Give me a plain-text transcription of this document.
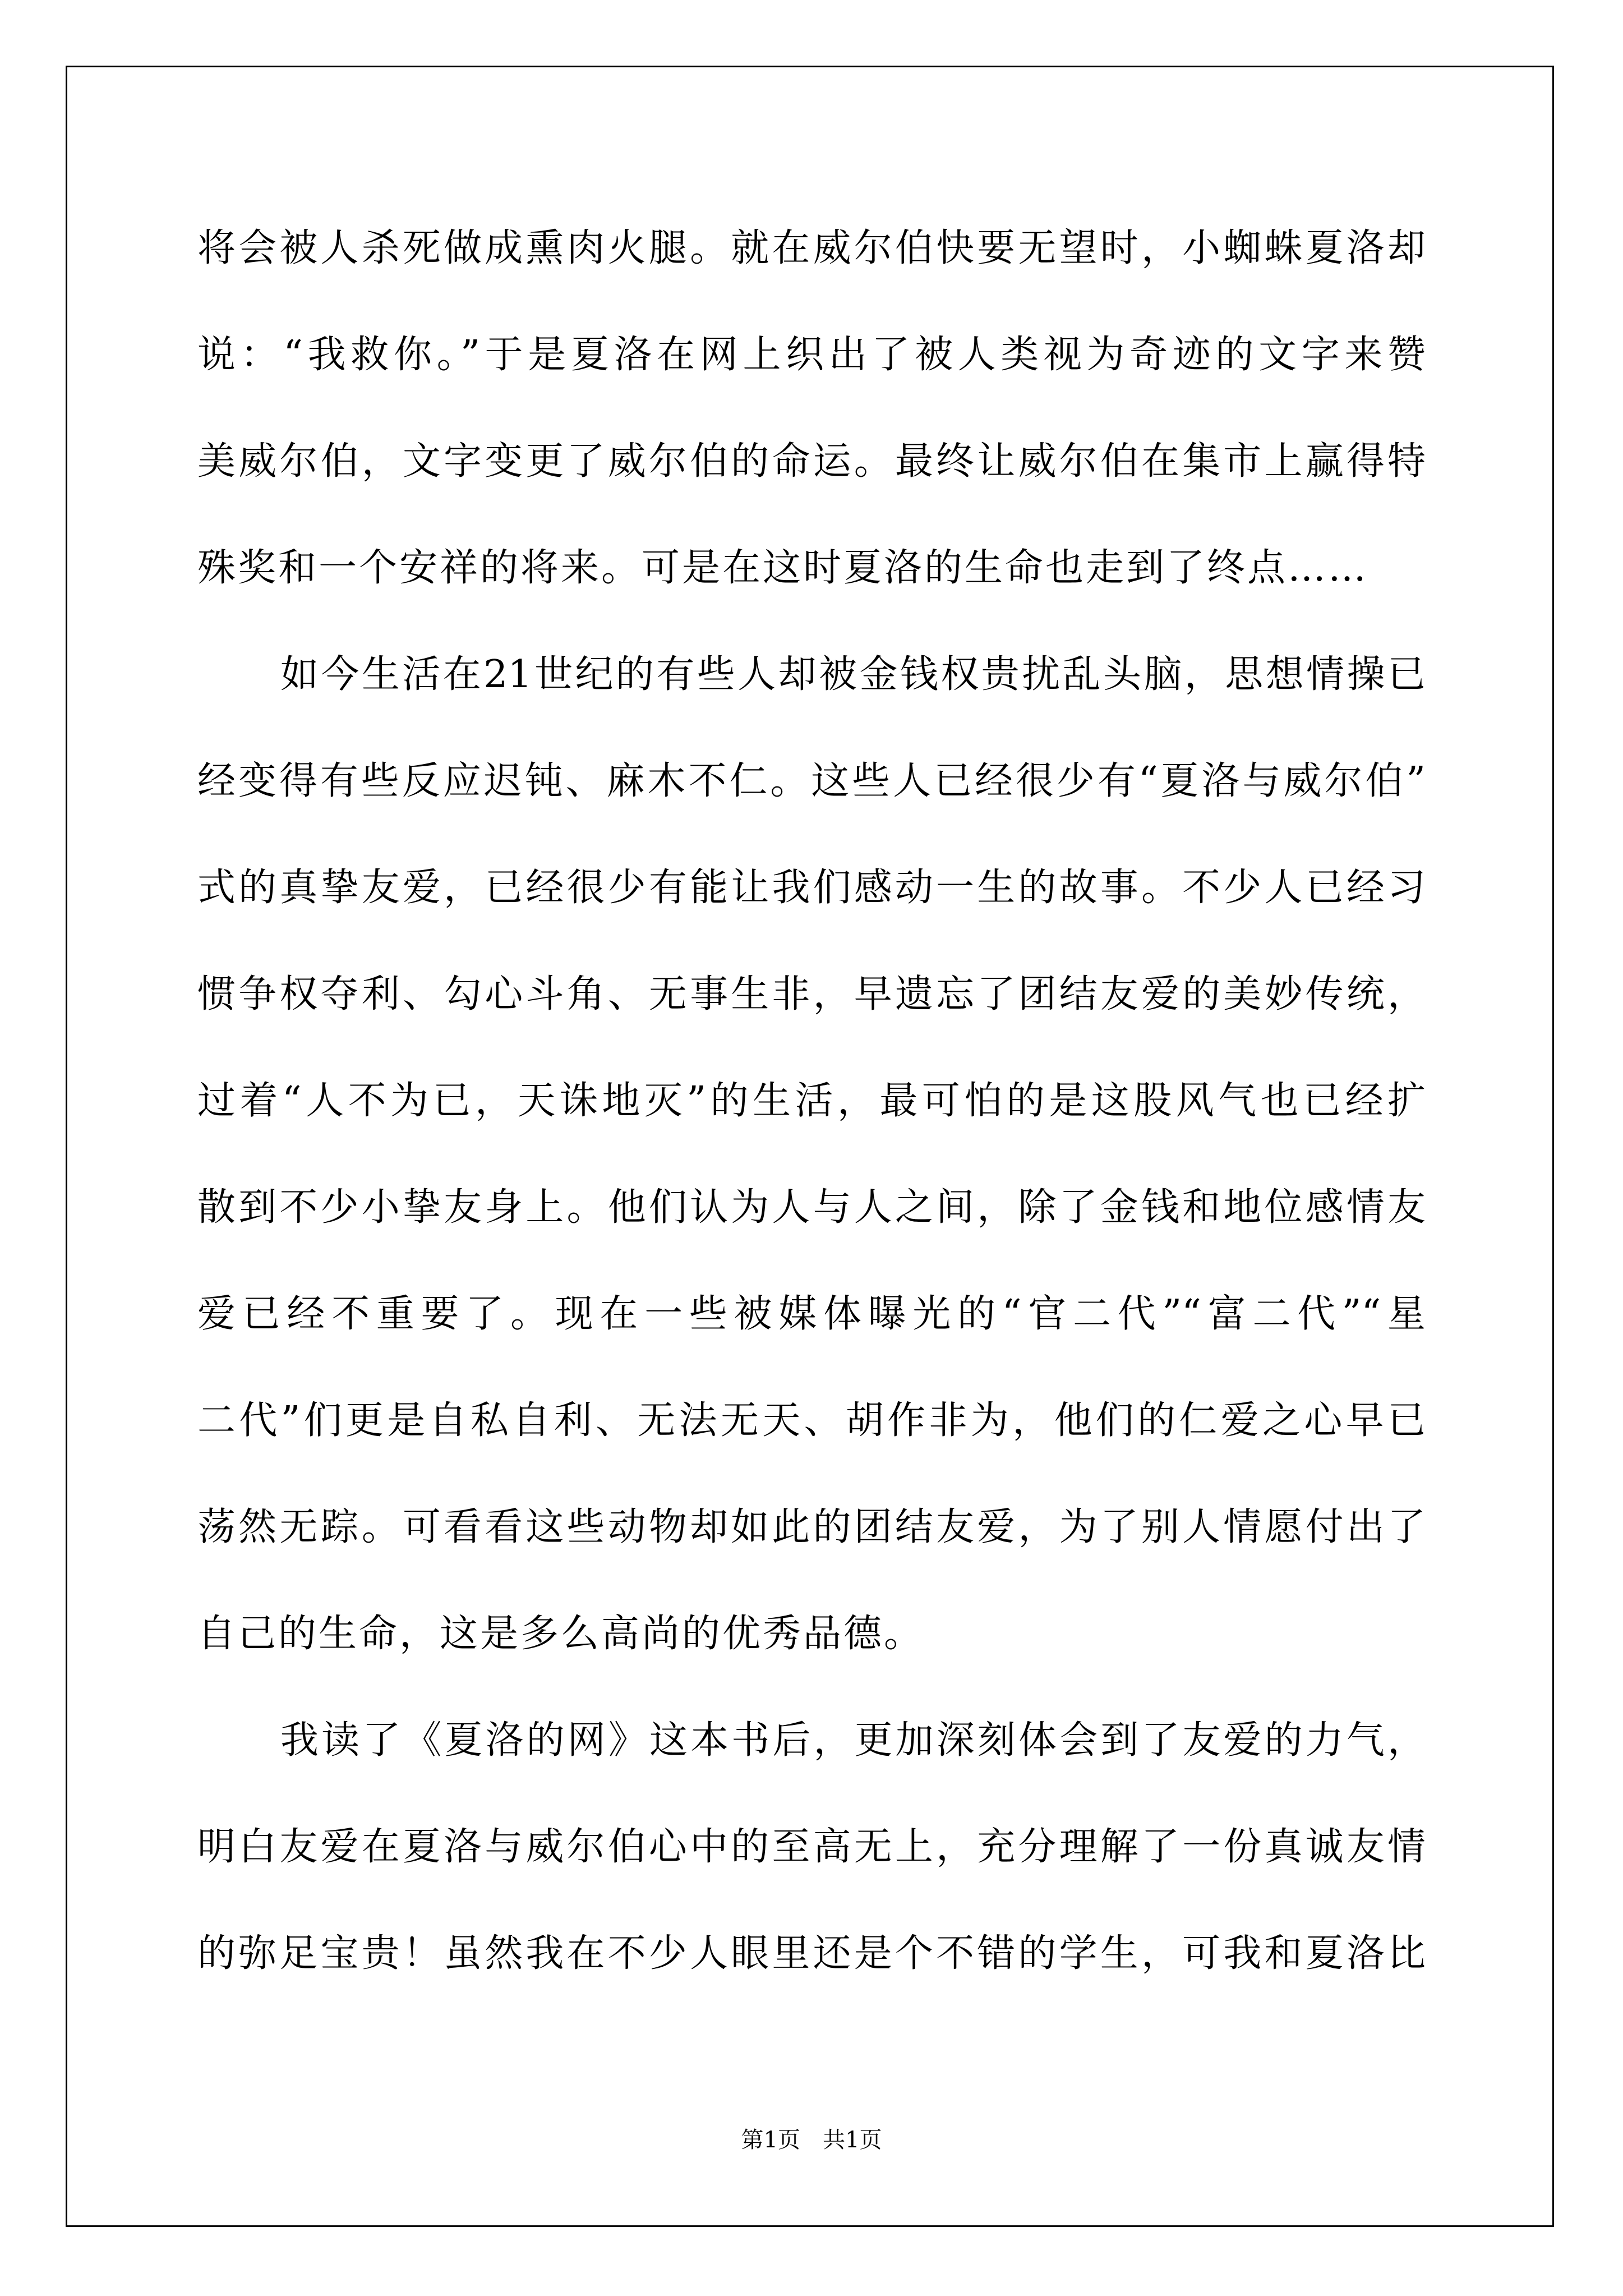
将会被人杀死做成熏肉火腿。就在威尔伯快要无望时，小蜘蛛夏洛却
说：“我救你。”于是夏洛在网上织出了被人类视为奇迹的文字来赞
美威尔伯，文字变更了威尔伯的命运。最终让威尔伯在集市上赢得特
殊奖和一个安祥的将来。可是在这时夏洛的生命也走到了终点……
如今生活在21世纪的有些人却被金钱权贵扰乱头脑，思想情操已
经变得有些反应迟钝、麻木不仁。这些人已经很少有“夏洛与威尔伯”
式的真挚友爱，已经很少有能让我们感动一生的故事。不少人已经习
惯争权夺利、勾心斗角、无事生非，早遗忘了团结友爱的美妙传统，
过着“人不为已，天诛地灭”的生活，最可怕的是这股风气也已经扩
散到不少小挚友身上。他们认为人与人之间，除了金钱和地位感情友
爱已经不重要了。现在一些被媒体曝光的“官二代”“富二代”“星
二代”们更是自私自利、无法无天、胡作非为，他们的仁爱之心早已
荡然无踪。可看看这些动物却如此的团结友爱，为了别人情愿付出了
自己的生命，这是多么高尚的优秀品德。
我读了《夏洛的网》这本书后，更加深刻体会到了友爱的力气，
明白友爱在夏洛与威尔伯心中的至高无上，充分理解了一份真诚友情
的弥足宝贵！虽然我在不少人眼里还是个不错的学生，可我和夏洛比
第1页　共1页
